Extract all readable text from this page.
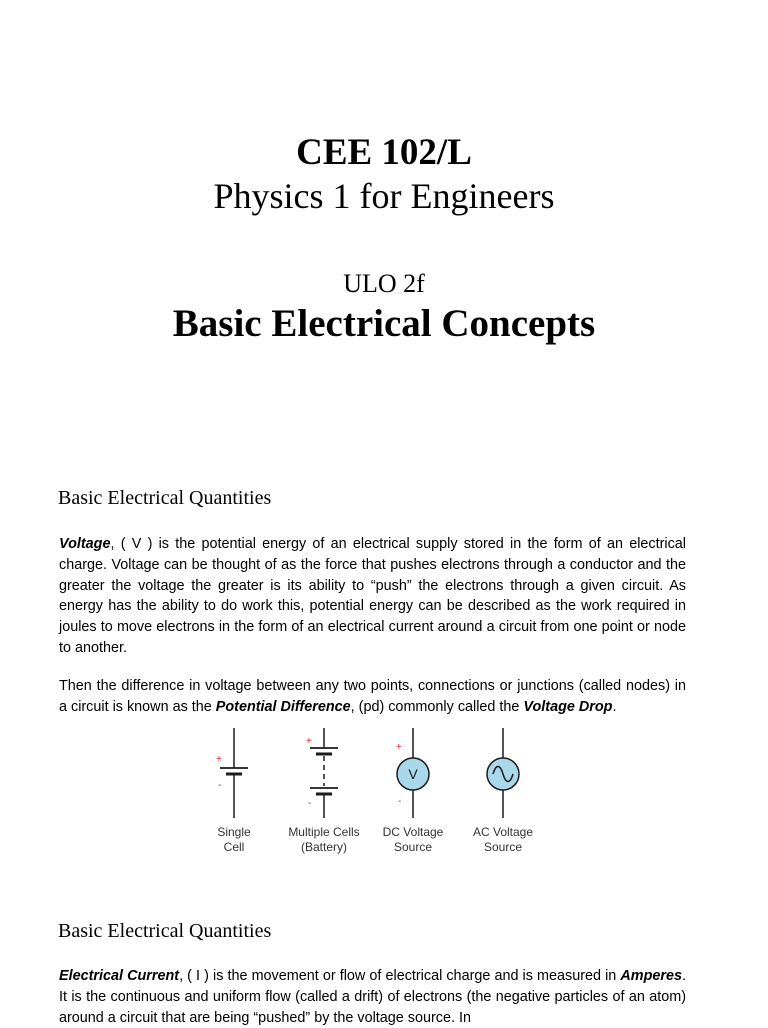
CEE 102/L
Physics 1 for Engineers
ULO 2f
Basic Electrical Concepts
Basic Electrical Quantities

Voltage, ( V ) is the potential energy of an electrical supply stored in the form of an electrical charge. Voltage can be thought of as the force that pushes electrons through a conductor and the greater the voltage the greater is its ability to “push” the electrons through a given circuit. As energy has the ability to do work this, potential energy can be described as the work required in joules to move electrons in the form of an electrical current around a circuit from one point or node to another.

Then the difference in voltage between any two points, connections or junctions (called nodes) in a circuit is known as the Potential Difference, (pd) commonly called the Voltage Drop.

+
-
+
-
V
+
-
Single
Cell
Multiple Cells
(Battery)
DC Voltage
Source
AC Voltage
Source
Basic Electrical Quantities

Electrical Current, ( I ) is the movement or flow of electrical charge and is measured in Amperes. It is the continuous and uniform flow (called a drift) of electrons (the negative particles of an atom) around a circuit that are being “pushed” by the voltage source. In
